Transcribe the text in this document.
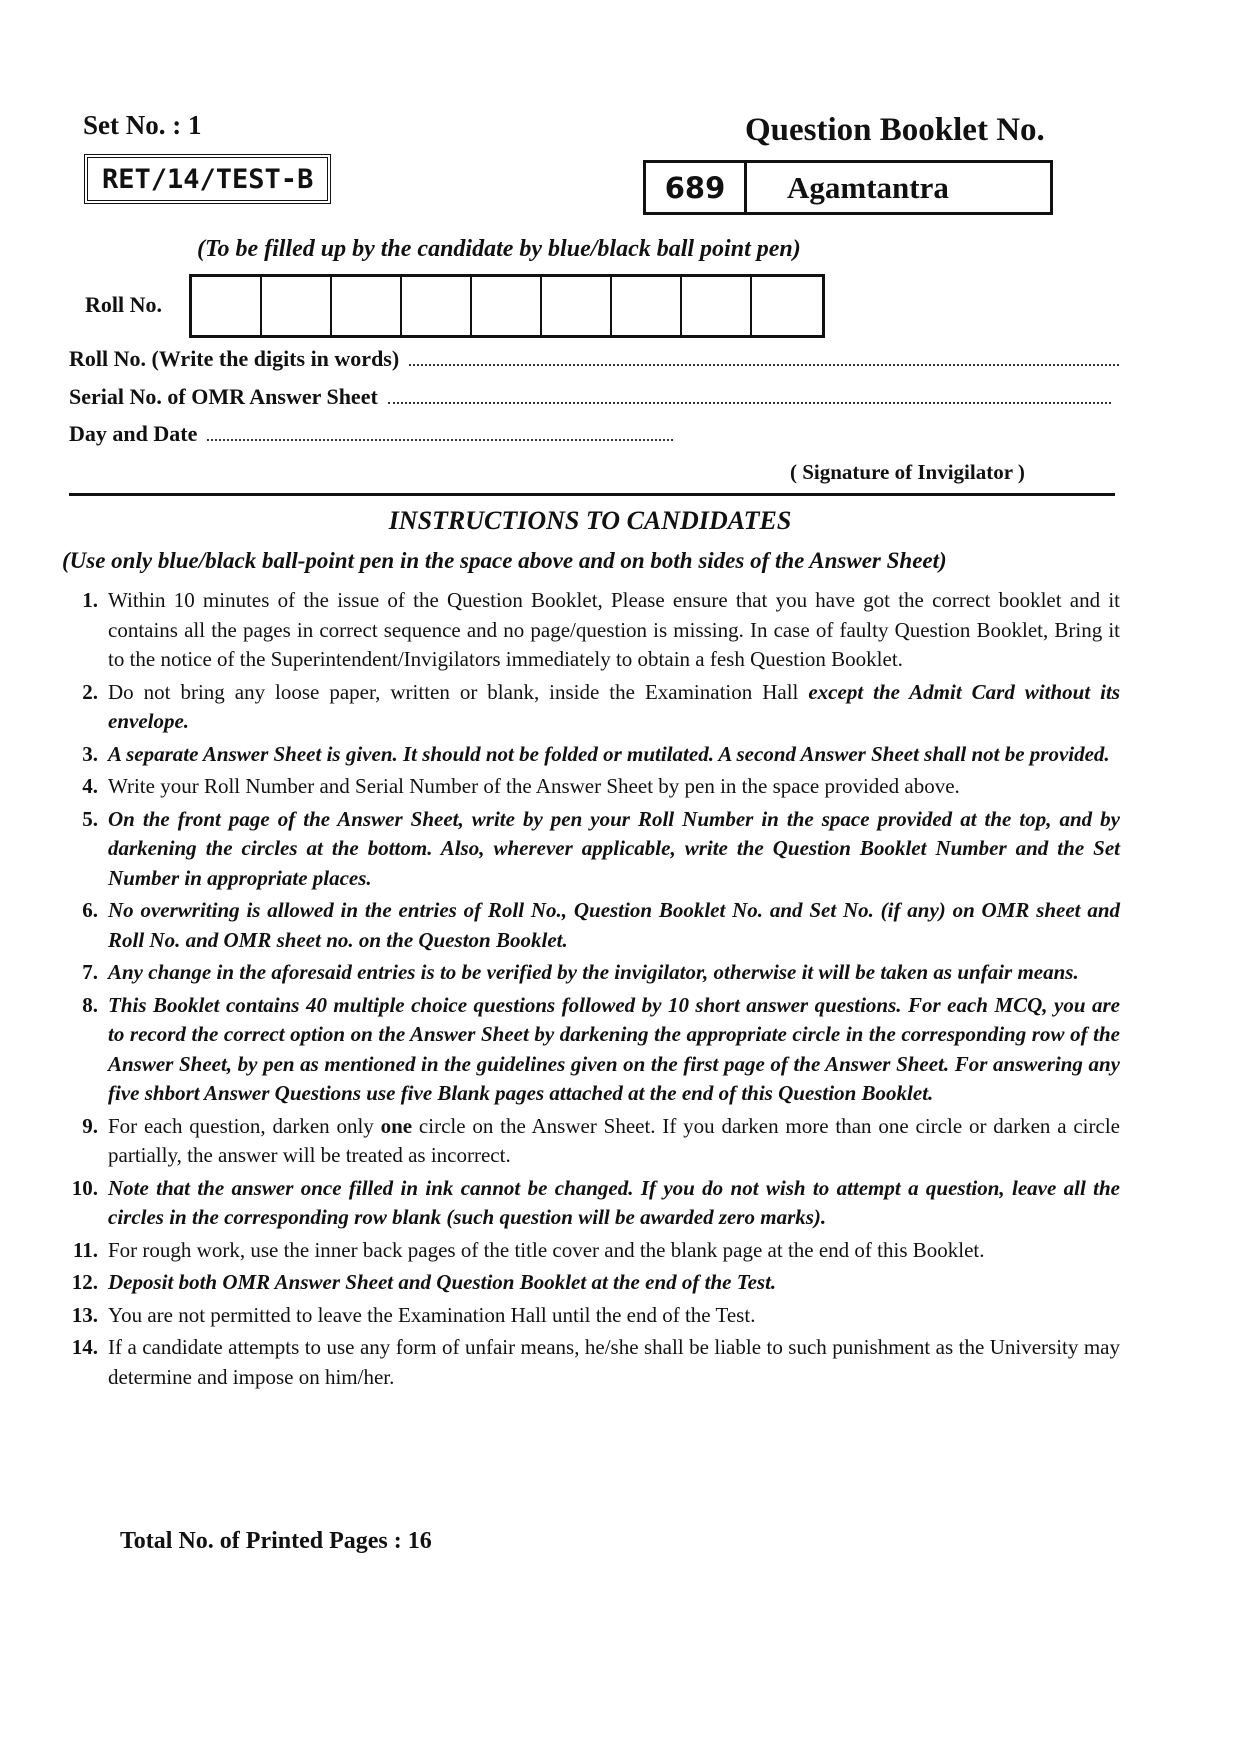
Set No. : 1
RET/14/TEST-B
Question Booklet No.
689	Agamtantra
(To be filled up by the candidate by blue/black ball point pen)
Roll No.
Roll No. (Write the digits in words)
Serial No. of OMR Answer Sheet
Day and Date
( Signature of Invigilator )
INSTRUCTIONS TO CANDIDATES
(Use only blue/black ball-point pen in the space above and on both sides of the Answer Sheet)
1. Within 10 minutes of the issue of the Question Booklet, Please ensure that you have got the correct booklet and it contains all the pages in correct sequence and no page/question is missing. In case of faulty Question Booklet, Bring it to the notice of the Superintendent/Invigilators immediately to obtain a fesh Question Booklet.
2. Do not bring any loose paper, written or blank, inside the Examination Hall except the Admit Card without its envelope.
3. A separate Answer Sheet is given. It should not be folded or mutilated. A second Answer Sheet shall not be provided.
4. Write your Roll Number and Serial Number of the Answer Sheet by pen in the space provided above.
5. On the front page of the Answer Sheet, write by pen your Roll Number in the space provided at the top, and by darkening the circles at the bottom. Also, wherever applicable, write the Question Booklet Number and the Set Number in appropriate places.
6. No overwriting is allowed in the entries of Roll No., Question Booklet No. and Set No. (if any) on OMR sheet and Roll No. and OMR sheet no. on the Queston Booklet.
7. Any change in the aforesaid entries is to be verified by the invigilator, otherwise it will be taken as unfair means.
8. This Booklet contains 40 multiple choice questions followed by 10 short answer questions. For each MCQ, you are to record the correct option on the Answer Sheet by darkening the appropriate circle in the corresponding row of the Answer Sheet, by pen as mentioned in the guidelines given on the first page of the Answer Sheet. For answering any five shbort Answer Questions use five Blank pages attached at the end of this Question Booklet.
9. For each question, darken only one circle on the Answer Sheet. If you darken more than one circle or darken a circle partially, the answer will be treated as incorrect.
10. Note that the answer once filled in ink cannot be changed. If you do not wish to attempt a question, leave all the circles in the corresponding row blank (such question will be awarded zero marks).
11. For rough work, use the inner back pages of the title cover and the blank page at the end of this Booklet.
12. Deposit both OMR Answer Sheet and Question Booklet at the end of the Test.
13. You are not permitted to leave the Examination Hall until the end of the Test.
14. If a candidate attempts to use any form of unfair means, he/she shall be liable to such punishment as the University may determine and impose on him/her.
Total No. of Printed Pages : 16
